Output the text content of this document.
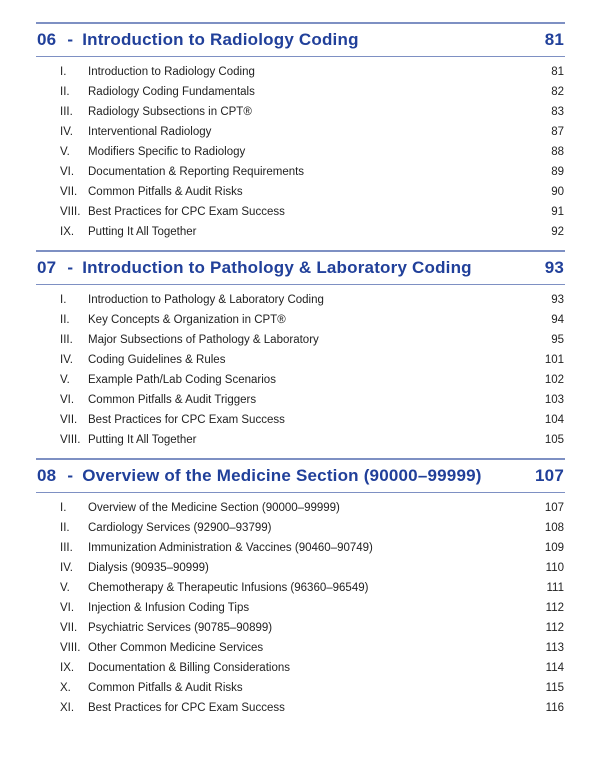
06 - Introduction to Radiology Coding	81
I.	Introduction to Radiology Coding	81
II.	Radiology Coding Fundamentals	82
III.	Radiology Subsections in CPT®	83
IV.	Interventional Radiology	87
V.	Modifiers Specific to Radiology	88
VI.	Documentation & Reporting Requirements	89
VII. Common Pitfalls & Audit Risks	90
VIII. Best Practices for CPC Exam Success	91
IX.	Putting It All Together	92
07 - Introduction to Pathology & Laboratory Coding	93
I.	Introduction to Pathology & Laboratory Coding	93
II.	Key Concepts & Organization in CPT®	94
III.	Major Subsections of Pathology & Laboratory	95
IV.	Coding Guidelines & Rules	101
V.	Example Path/Lab Coding Scenarios	102
VI.	Common Pitfalls & Audit Triggers	103
VII. Best Practices for CPC Exam Success	104
VIII. Putting It All Together	105
08 - Overview of the Medicine Section (90000–99999)	107
I.	Overview of the Medicine Section (90000–99999)	107
II.	Cardiology Services (92900–93799)	108
III.	Immunization Administration & Vaccines (90460–90749)	109
IV.	Dialysis (90935–90999)	110
V.	Chemotherapy & Therapeutic Infusions (96360–96549)	111
VI.	Injection & Infusion Coding Tips	112
VII. Psychiatric Services (90785–90899)	112
VIII. Other Common Medicine Services	113
IX.	Documentation & Billing Considerations	114
X.	Common Pitfalls & Audit Risks	115
XI.	Best Practices for CPC Exam Success	116
